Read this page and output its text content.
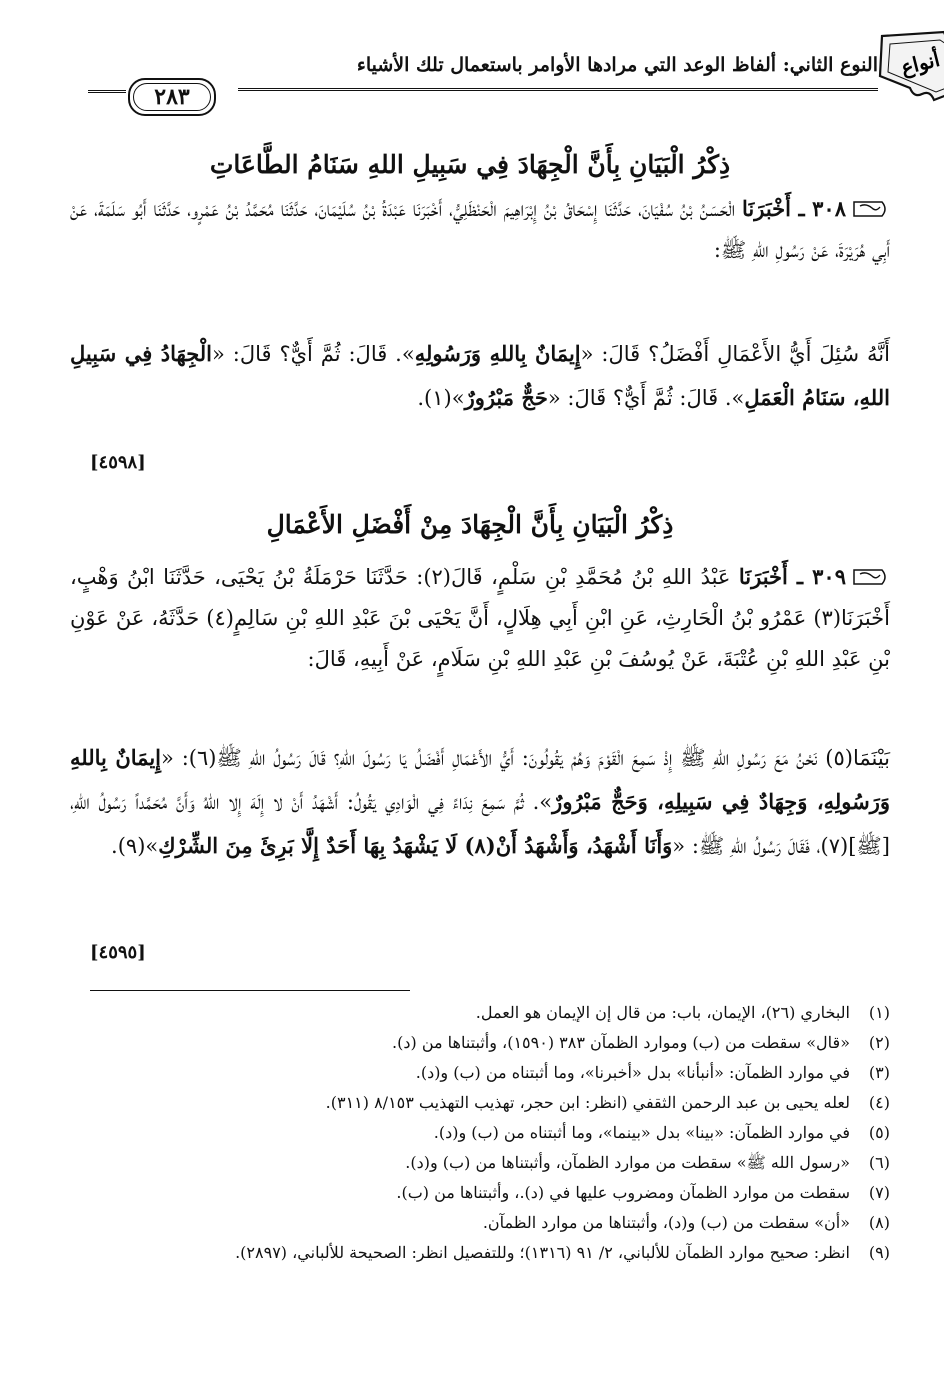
أنواع
النوع الثاني: ألفاظ الوعد التي مرادها الأوامر باستعمال تلك الأشياء
٢٨٣
ذِكْرُ الْبَيَانِ بِأَنَّ الْجِهَادَ فِي سَبِيلِ اللهِ سَنَامُ الطَّاعَاتِ
٣٠٨ ـ أَخْبَرَنَا الْحَسَنُ بْنُ سُفْيَانَ، حَدَّثَنَا إِسْحَاقُ بْنُ إِبْرَاهِيمَ الْحَنْظَلِيُّ، أَخْبَرَنَا عَبْدَةُ بْنُ سُلَيْمَانَ، حَدَّثَنَا مُحَمَّدُ بْنُ عَمْرٍو، حَدَّثَنَا أَبُو سَلَمَةَ، عَنْ أَبِي هُرَيْرَةَ، عَنْ رَسُولِ اللهِ ﷺ:
أَنَّهُ سُئِلَ أَيُّ الأَعْمَالِ أَفْضَلُ؟ قَالَ: «إِيمَانٌ بِاللهِ وَرَسُولِهِ». قَالَ: ثُمَّ أَيٌّ؟ قَالَ: «الْجِهَادُ فِي سَبِيلِ اللهِ، سَنَامُ الْعَمَلِ». قَالَ: ثُمَّ أَيٌّ؟ قَالَ: «حَجٌّ مَبْرُورٌ»(١).
[٤٥٩٨]
ذِكْرُ الْبَيَانِ بِأَنَّ الْجِهَادَ مِنْ أَفْضَلِ الأَعْمَالِ
٣٠٩ ـ أَخْبَرَنَا عَبْدُ اللهِ بْنُ مُحَمَّدِ بْنِ سَلْمٍ، قَالَ(٢): حَدَّثَنَا حَرْمَلَةُ بْنُ يَحْيَى، حَدَّثَنَا ابْنُ وَهْبٍ، أَخْبَرَنَا(٣) عَمْرُو بْنُ الْحَارِثِ، عَنِ ابْنِ أَبِي هِلَالٍ، أَنَّ يَحْيَى بْنَ عَبْدِ اللهِ بْنِ سَالِمٍ(٤) حَدَّثَهُ، عَنْ عَوْنِ بْنِ عَبْدِ اللهِ بْنِ عُتْبَةَ، عَنْ يُوسُفَ بْنِ عَبْدِ اللهِ بْنِ سَلَامٍ، عَنْ أَبِيهِ، قَالَ:
بَيْنَمَا(٥) نَحْنُ مَعَ رَسُولِ اللهِ ﷺ إِذْ سَمِعَ الْقَوْمَ وَهُمْ يَقُولُونَ: أَيُّ الأَعْمَالِ أَفْضَلُ يَا رَسُولَ اللهِ؟ قَالَ رَسُولُ اللهِ ﷺ(٦): «إِيمَانٌ بِاللهِ وَرَسُولِهِ، وَجِهَادٌ فِي سَبِيلِهِ، وَحَجٌّ مَبْرُورٌ». ثُمَّ سَمِعَ نِدَاءً فِي الْوَادِي يَقُولُ: أَشْهَدُ أَنْ لا إِلَهَ إِلا اللهُ وَأَنَّ مُحَمَّداً رَسُولُ اللهِ، [ﷺ](٧)، فَقَالَ رَسُولُ اللهِ ﷺ: «وَأَنَا أَشْهَدُ، وَأَشْهَدُ أَنْ(٨) لَا يَشْهَدُ بِهَا أَحَدٌ إِلَّا بَرِئَ مِنَ الشِّرْكِ»(٩).
[٤٥٩٥]
(١)
البخاري (٢٦)، الإيمان، باب: من قال إن الإيمان هو العمل.
(٢)
«قال» سقطت من (ب) وموارد الظمآن ٣٨٣ (١٥٩٠)، وأثبتناها من (د).
(٣)
في موارد الظمآن: «أنبأنا» بدل «أخبرنا»، وما أثبتناه من (ب) و(د).
(٤)
لعله يحيى بن عبد الرحمن الثقفي (انظر: ابن حجر، تهذيب التهذيب ٨/١٥٣ (٣١١).
(٥)
في موارد الظمآن: «بينا» بدل «بينما»، وما أثبتناه من (ب) و(د).
(٦)
«رسول الله ﷺ» سقطت من موارد الظمآن، وأثبتناها من (ب) و(د).
(٧)
سقطت من موارد الظمآن ومضروب عليها في (د).، وأثبتناها من (ب).
(٨)
«أن» سقطت من (ب) و(د)، وأثبتناها من موارد الظمآن.
(٩)
انظر: صحيح موارد الظمآن للألباني، ٢/ ٩١ (١٣١٦)؛ وللتفصيل انظر: الصحيحة للألباني، (٢٨٩٧).
